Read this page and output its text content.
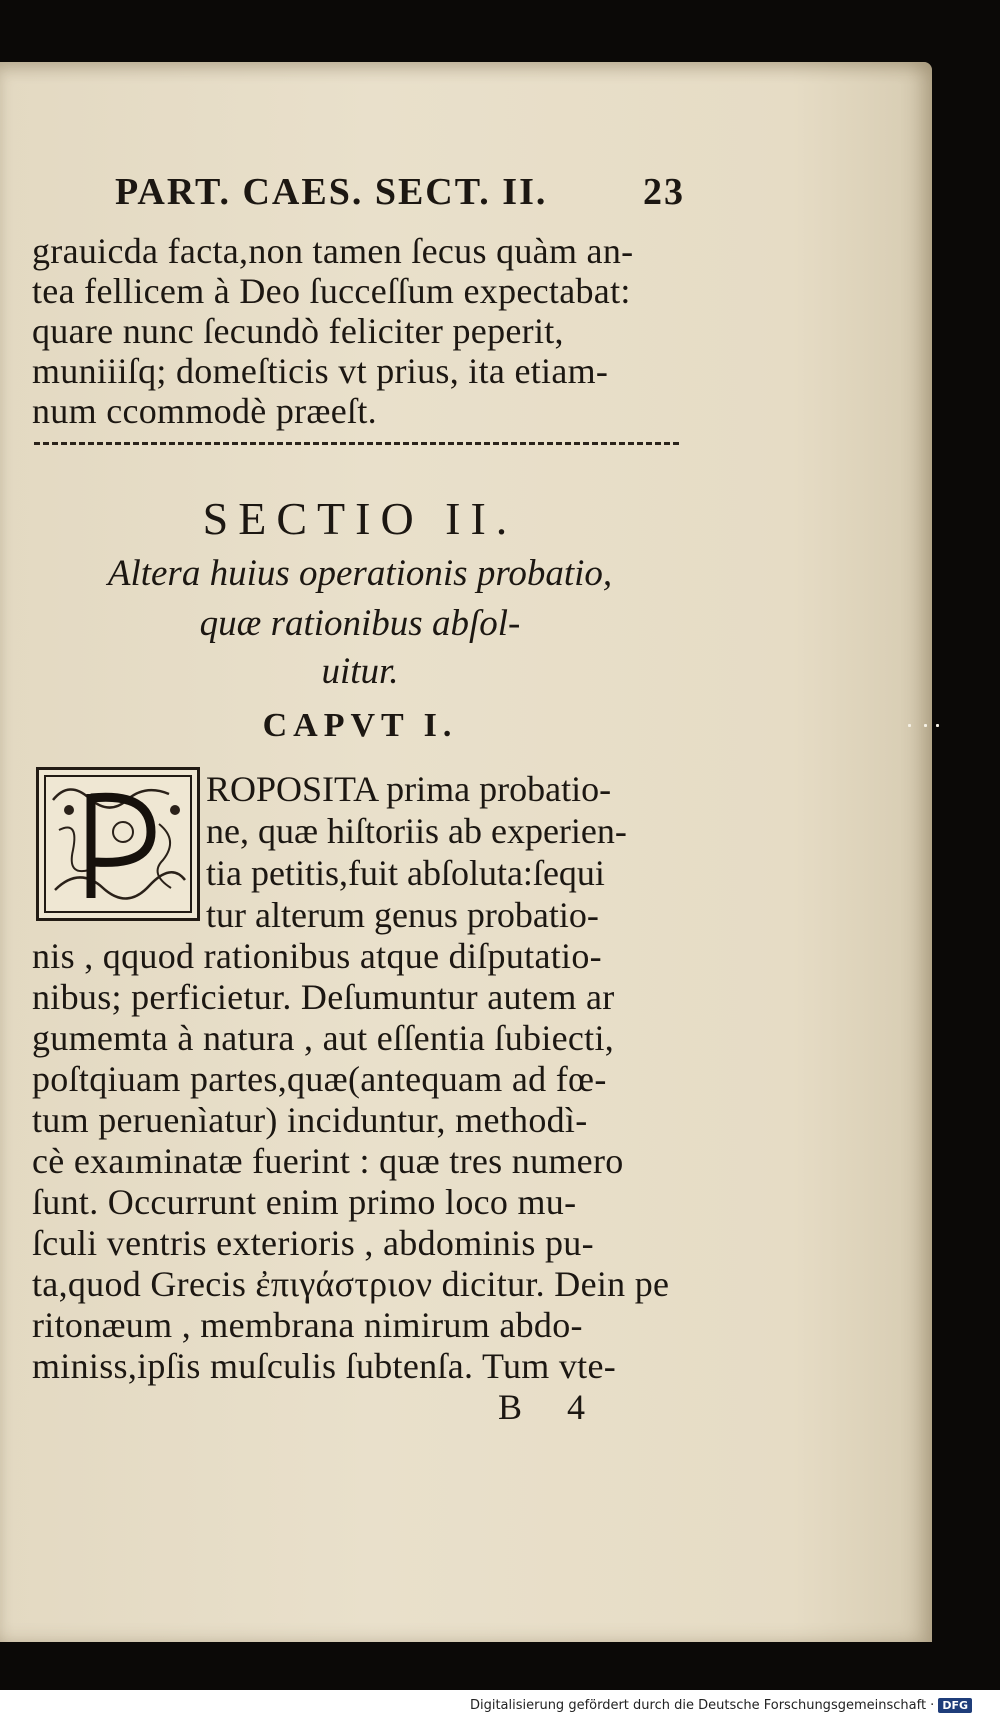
PART. CAES. SECT. II.	23
grauicda facta,non tamen ſecus quàm an-
tea fellicem à Deo ſucceſſum expectabat:
quare nunc ſecundò feliciter peperit,
muniiiſq; domeſticis vt prius, ita etiam-
num ccommodè præeſt.
SECTIO II.
Altera huius operationis probatio,
quæ rationibus abſol-
uitur.
CAPVT I.
ROPOSITA prima probatio-
ne, quæ hiſtoriis ab experien-
tia petitis,fuit abſoluta:ſequi
tur alterum genus probatio-
nis , qquod rationibus atque diſputatio-
nibus; perficietur. Deſumuntur autem ar
gumemta à natura , aut eſſentia ſubiecti,
poſtqiuam partes,quæ(antequam ad fœ-
tum peruenìatur) inciduntur, methodì-
cè exaıminatæ fuerint : quæ tres numero
ſunt. Occurrunt enim primo loco mu-
ſculi ventris exterioris , abdominis pu-
ta,quod Grecis ἐπιγάστριον dicitur. Dein pe
ritonæum , membrana nimirum abdo-
miniss,ipſis muſculis ſubtenſa. Tum vte-
B 4
Digitalisierung gefördert durch die Deutsche Forschungsgemeinschaft · DFG
